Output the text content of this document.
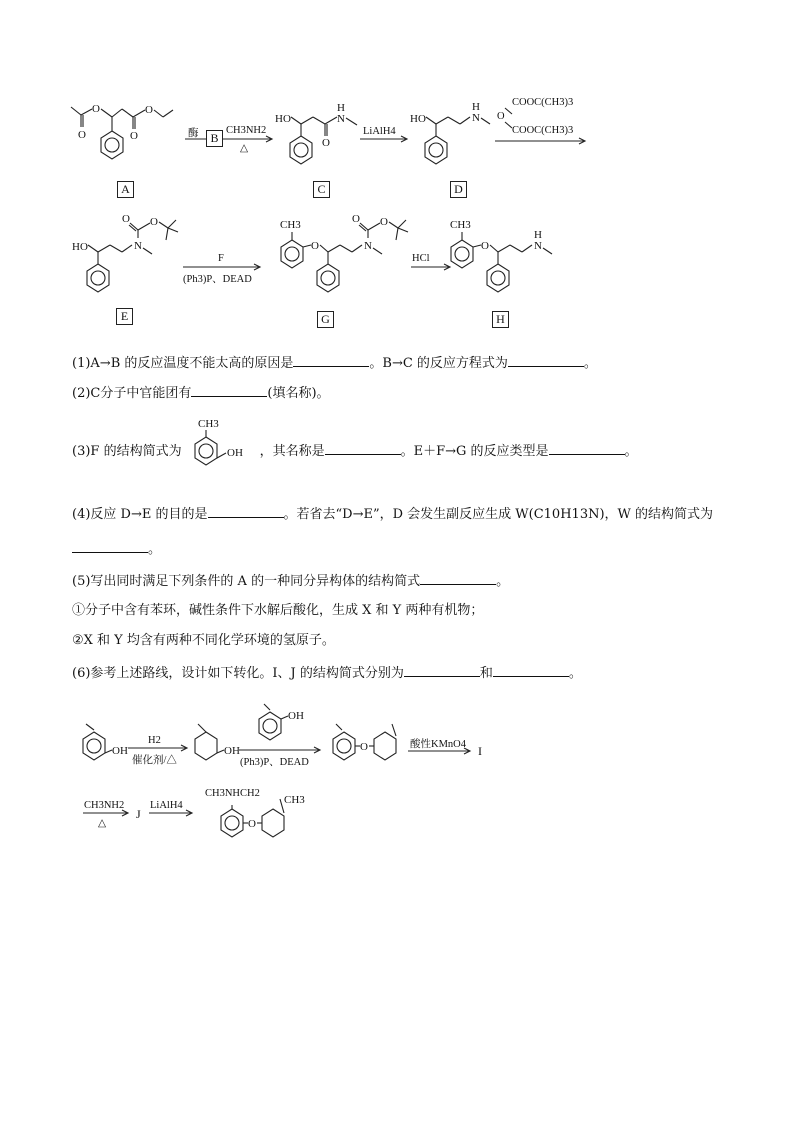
O
O
O
O
A
酶 B
CH3NH2
△
HO
O
H
N
C
LiAlH4
HO
H
N
D
COOC(CH3)3
O
COOC(CH3)3
HO	N
O O
E
F
(Ph3)P、DEAD
CH3
O	N
O O
G
HCl
CH3
O
H
N
H
(1)A→B 的反应温度不能太高的原因是	。B→C 的反应方程式为	。
(2)C分子中官能团有	(填名称)。
(3)F 的结构简式为	，其名称是	。E＋F→G 的反应类型是	。
CH3
OH
(4)反应 D→E 的目的是	。若省去“D→E”，D 会发生副反应生成 W(C10H13N)，W 的结构简式为
。
(5)写出同时满足下列条件的 A 的一种同分异构体的结构简式	。
①分子中含有苯环，碱性条件下水解后酸化，生成 X 和 Y 两种有机物；
②X 和 Y 均含有两种不同化学环境的氢原子。
(6)参考上述路线，设计如下转化。I、J 的结构简式分别为	和	。
OH
H2
催化剂/△
OH
OH
(Ph3)P、DEAD
O	酸性KMnO4 I
CH3NH2
△
J
LiAlH4
CH3NHCH2
O
CH3
